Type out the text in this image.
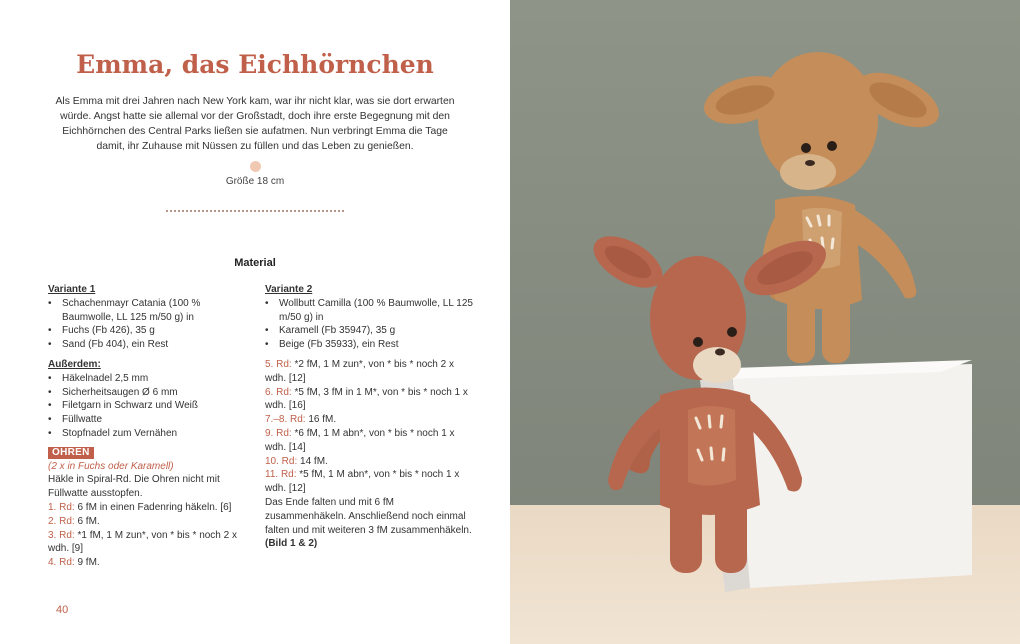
Emma, das Eichhörnchen

Als Emma mit drei Jahren nach New York kam, war ihr nicht klar, was sie dort erwarten würde. Angst hatte sie allemal vor der Großstadt, doch ihre erste Begegnung mit den Eichhörnchen des Central Parks ließen sie aufatmen. Nun verbringt Emma die Tage damit, ihr Zuhause mit Nüssen zu füllen und das Leben zu genießen.

Größe 18 cm
Material
Variante 1
• Schachenmayr Catania (100 % Baumwolle, LL 125 m/50 g) in
• Fuchs (Fb 426), 35 g
• Sand (Fb 404), ein Rest
Außerdem:
• Häkelnadel 2,5 mm
• Sicherheitsaugen Ø 6 mm
• Filetgarn in Schwarz und Weiß
• Füllwatte
• Stopfnadel zum Vernähen
OHREN
(2 x in Fuchs oder Karamell)
Häkle in Spiral-Rd. Die Ohren nicht mit Füllwatte ausstopfen.
1. Rd: 6 fM in einen Fadenring häkeln. [6]
2. Rd: 6 fM.
3. Rd: *1 fM, 1 M zun*, von * bis * noch 2 x wdh. [9]
4. Rd: 9 fM.
Variante 2
• Wollbutt Camilla (100 % Baumwolle, LL 125 m/50 g) in
• Karamell (Fb 35947), 35 g
• Beige (Fb 35933), ein Rest
5. Rd: *2 fM, 1 M zun*, von * bis * noch 2 x wdh. [12]
6. Rd: *5 fM, 3 fM in 1 M*, von * bis * noch 1 x wdh. [16]
7.–8. Rd: 16 fM.
9. Rd: *6 fM, 1 M abn*, von * bis * noch 1 x wdh. [14]
10. Rd: 14 fM.
11. Rd: *5 fM, 1 M abn*, von * bis * noch 1 x wdh. [12]
Das Ende falten und mit 6 fM zusammenhäkeln. Anschließend noch einmal falten und mit weiteren 3 fM zusammenhäkeln. (Bild 1 & 2)
40
